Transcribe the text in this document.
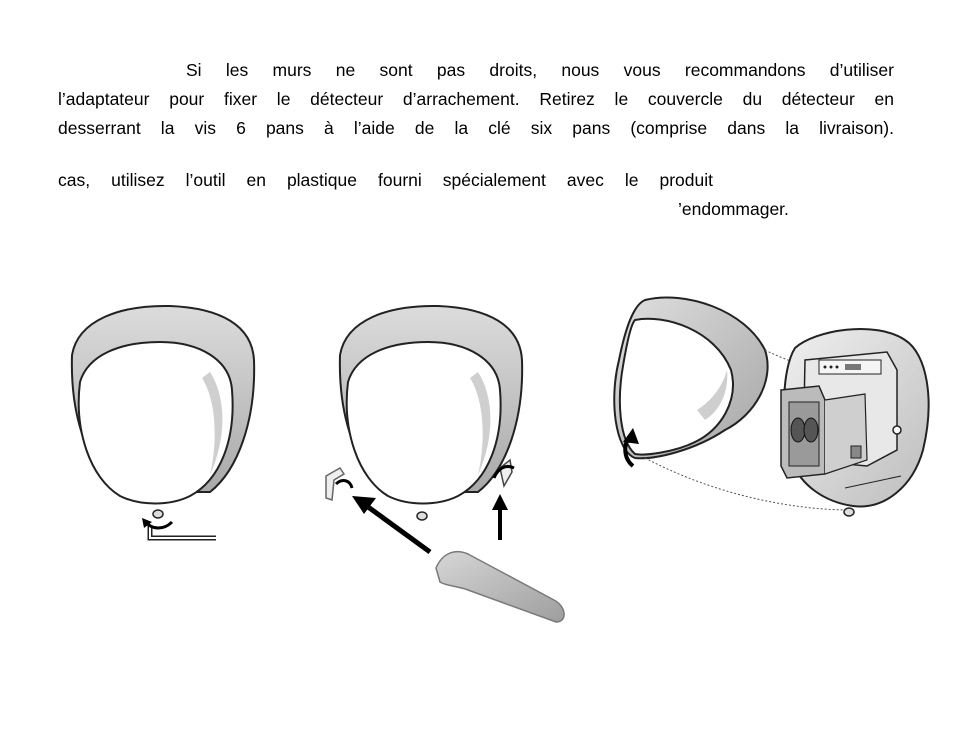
Si les murs ne sont pas droits, nous vous recommandons d’utiliser
l’adaptateur pour fixer le détecteur d’arrachement. Retirez le couvercle du détecteur en
desserrant la vis 6 pans à l’aide de la clé six pans (comprise dans la livraison).

cas, utilisez l’outil en plastique fourni spécialement avec le produit
’endommager.
